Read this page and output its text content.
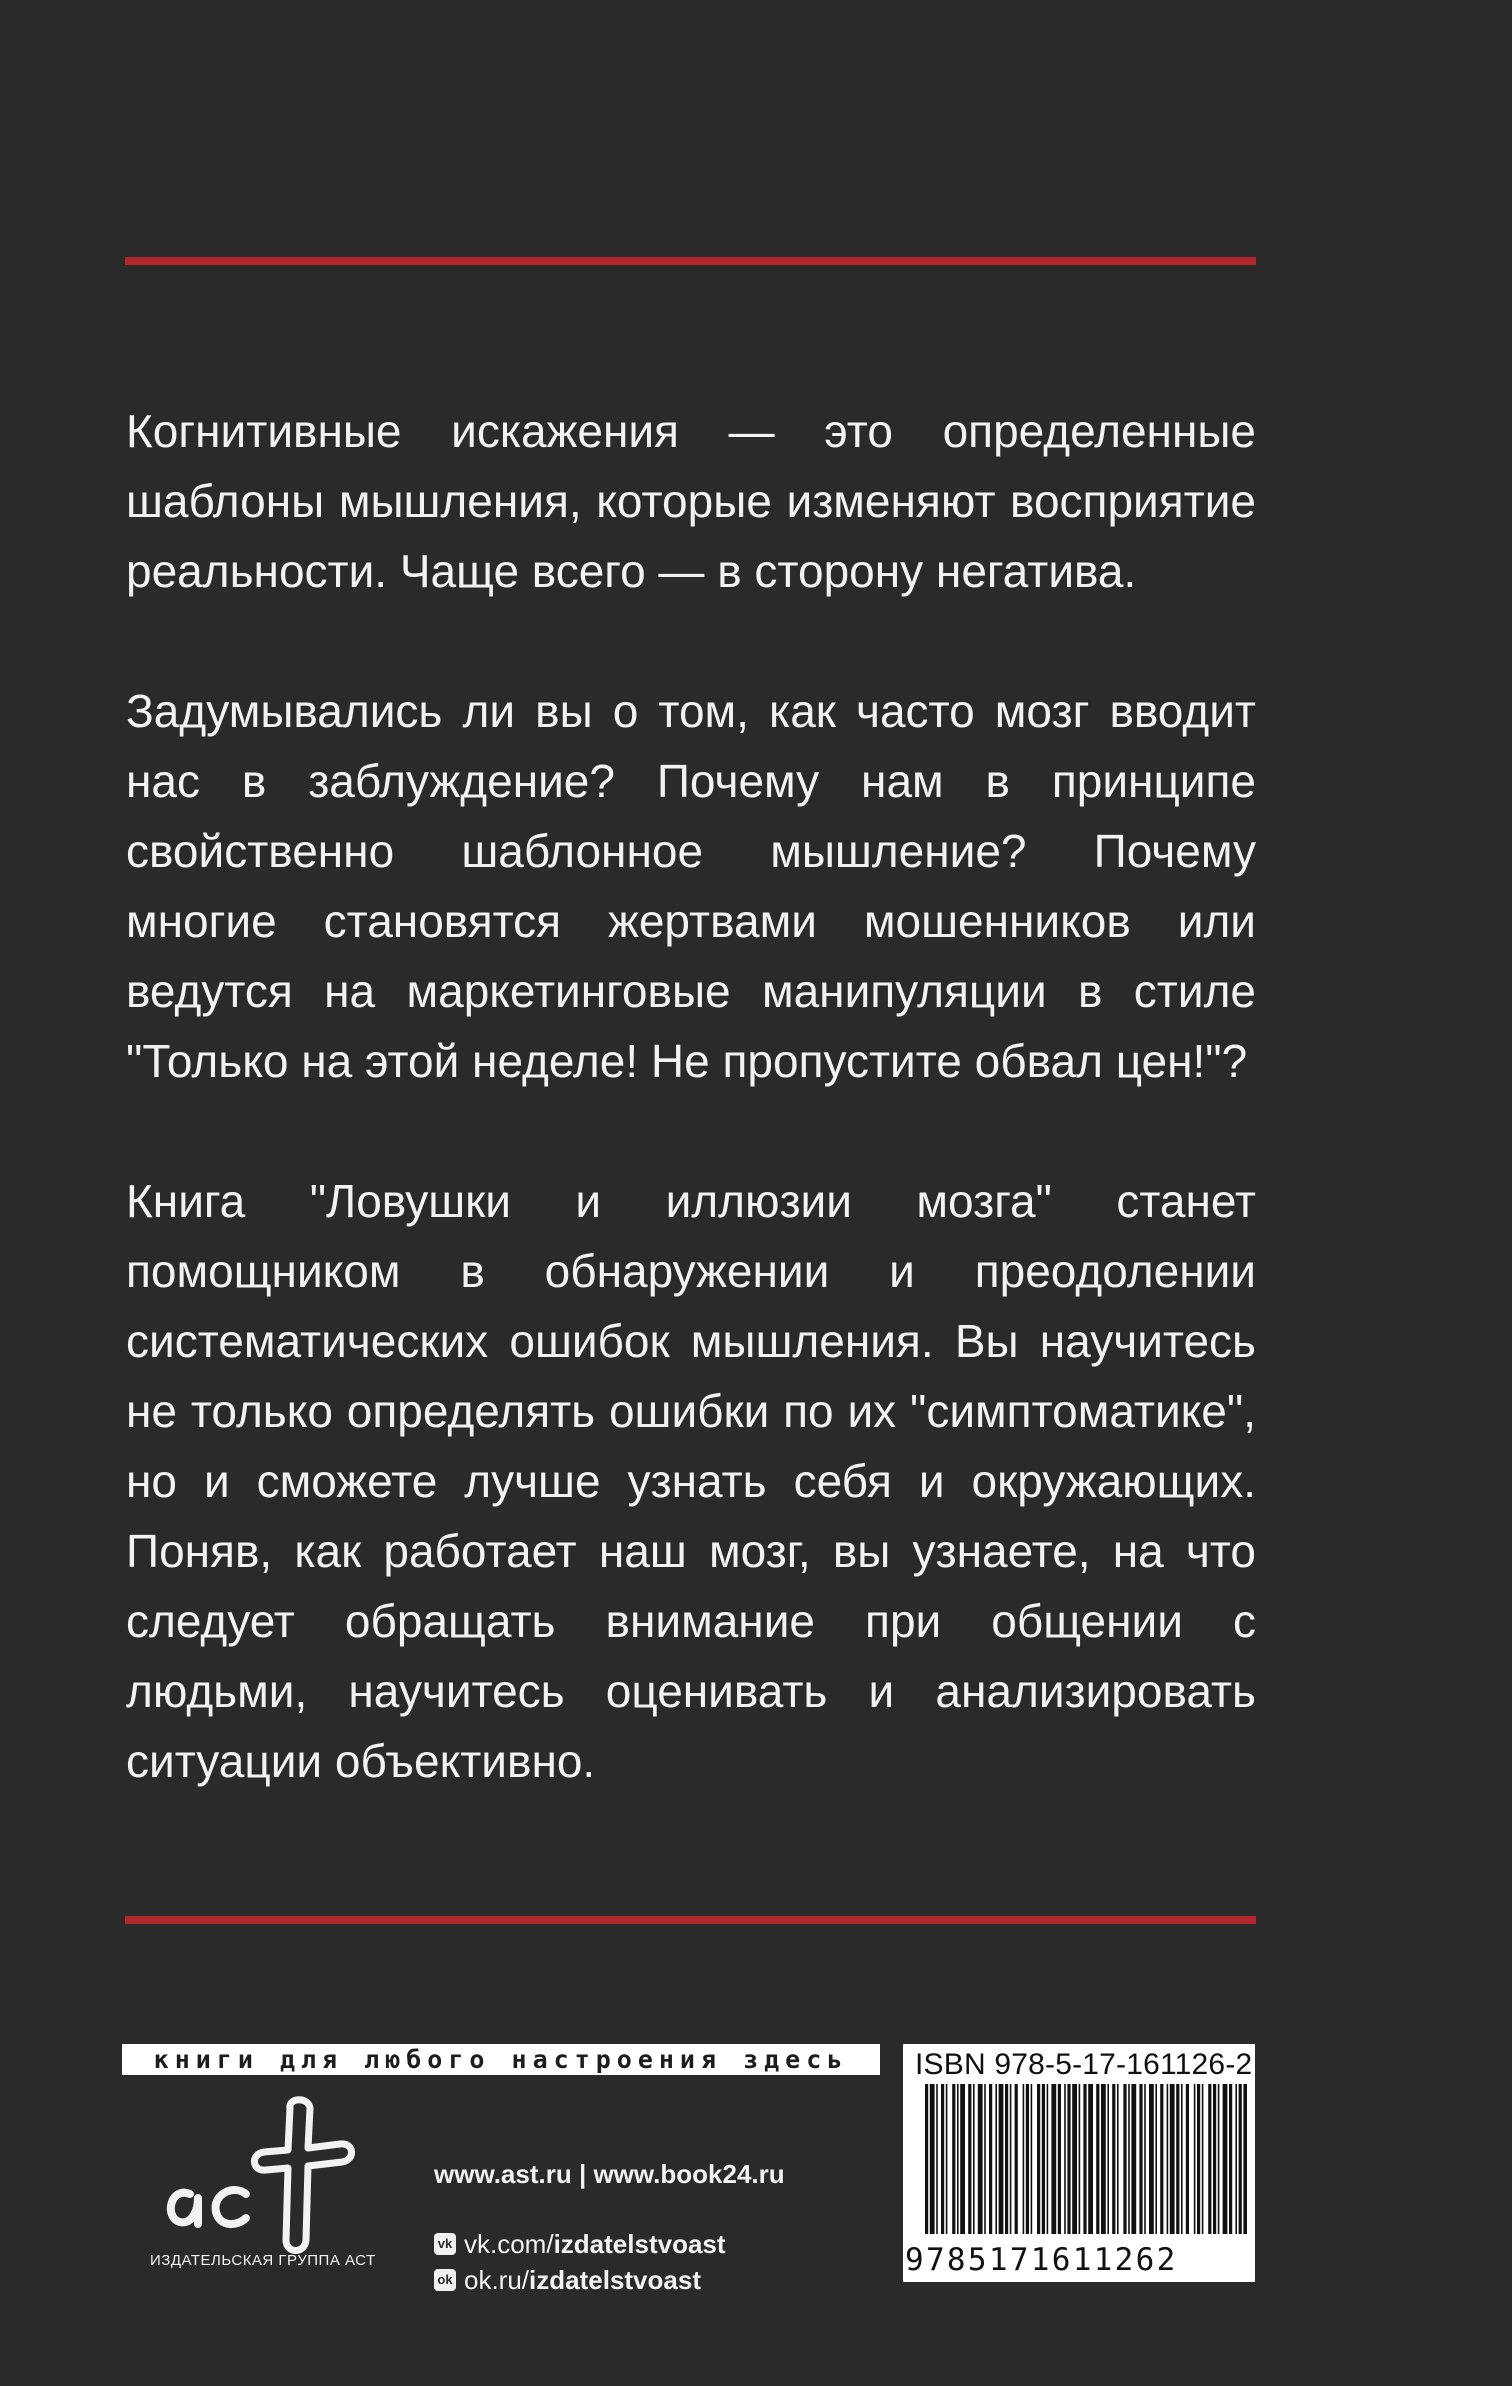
Когнитивные искажения — это определенные шаблоны мышления, которые изменяют восприятие реальности. Чаще всего — в сторону негатива.

Задумывались ли вы о том, как часто мозг вводит нас в заблуждение? Почему нам в принципе свойственно шаблонное мышление? Почему многие становятся жертвами мошенников или ведутся на маркетинговые манипуляции в стиле "Только на этой неделе! Не пропустите обвал цен!"?

Книга "Ловушки и иллюзии мозга" станет помощником в обнаружении и преодолении систематических ошибок мышления. Вы научитесь не только определять ошибки по их "симптоматике", но и сможете лучше узнать себя и окружающих. Поняв, как работает наш мозг, вы узнаете, на что следует обращать внимание при общении с людьми, научитесь оценивать и анализировать ситуации объективно.

книги для любого настроения здесь
ИЗДАТЕЛЬСКАЯ ГРУППА АСТ
www.ast.ru | www.book24.ru
vk vk.com/izdatelstvoast
ok ok.ru/izdatelstvoast
ISBN 978-5-17-161126-2
9785171611262
